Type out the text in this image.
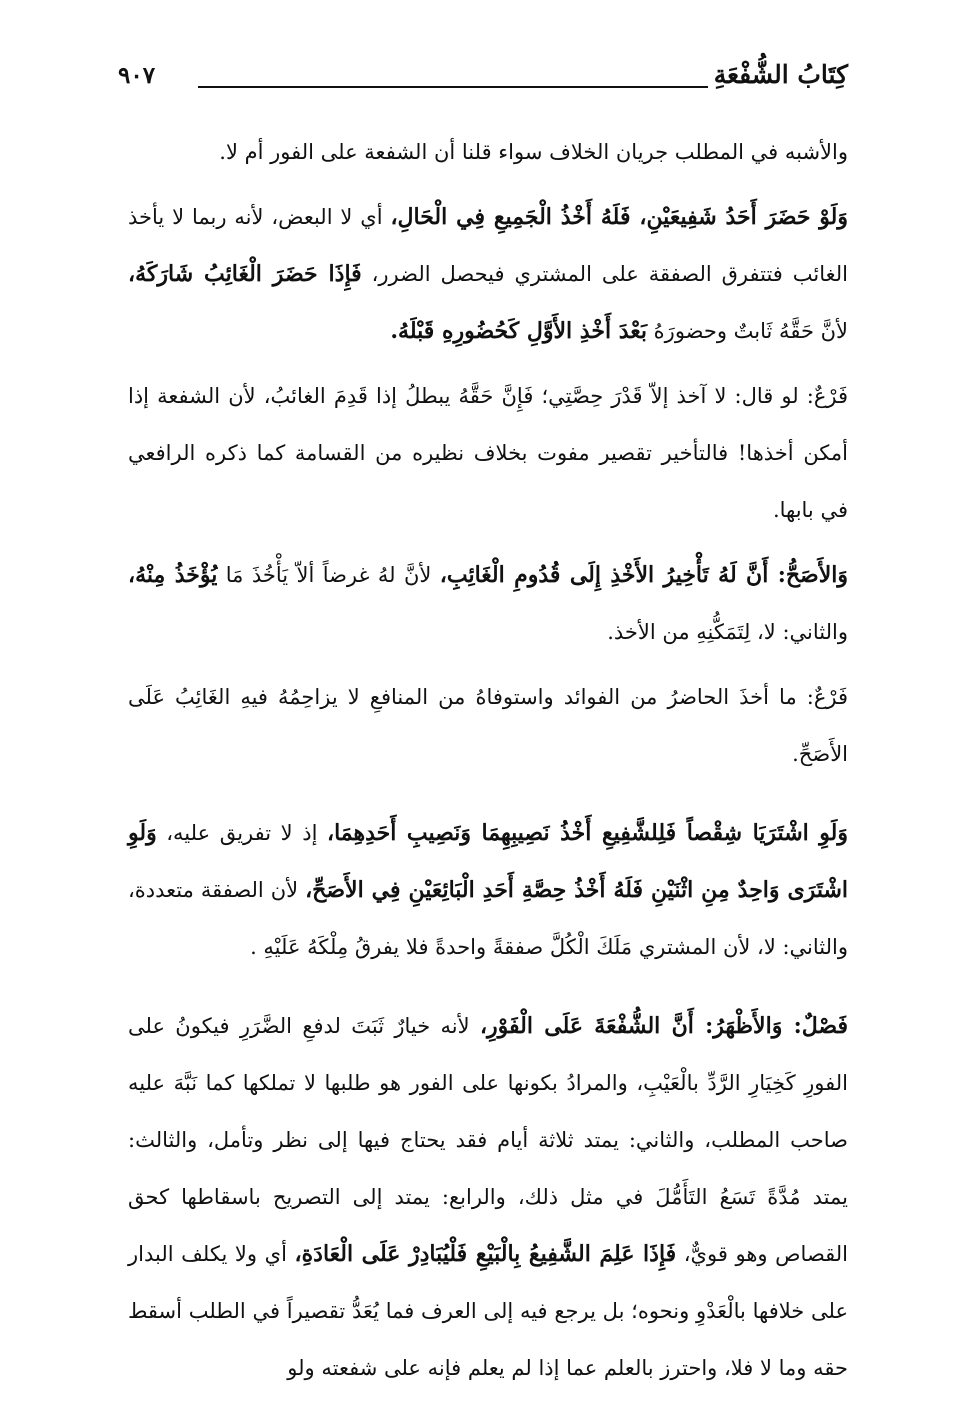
كِتَابُ الشُّفْعَةِ
٩٠٧

والأشبه في المطلب جريان الخلاف سواء قلنا أن الشفعة على الفور أم لا.

وَلَوْ حَضَرَ أَحَدُ شَفِيعَيْنِ، فَلَهُ أَخْذُ الْجَمِيعِ فِي الْحَالِ، أي لا البعض، لأنه ربما لا يأخذ الغائب فتتفرق الصفقة على المشتري فيحصل الضرر، فَإِذَا حَضَرَ الْغَائِبُ شَارَكَهُ، لأنَّ حَقَّهُ ثَابتٌ وحضورَهُ بَعْدَ أَخْذِ الأَوَّلِ كَحُضُورِهِ قَبْلَهُ.

فَرْعٌ: لو قال: لا آخذ إلاّ قَدْرَ حِصَّتِي؛ فَإِنَّ حَقَّهُ يبطلُ إذا قَدِمَ الغائبُ، لأن الشفعة إذا أمكن أخذها! فالتأخير تقصير مفوت بخلاف نظيره من القسامة كما ذكره الرافعي في بابها.

وَالأَصَحُّ: أَنَّ لَهُ تَأْخِيرُ الأَخْذِ إِلَى قُدُومِ الْغَائِبِ، لأنَّ لهُ غرضاً ألاّ يَأْخُذَ مَا يُؤْخَذُ مِنْهُ، والثاني: لا، لِتَمَكُّنِهِ من الأخذ.

فَرْعٌ: ما أخذَ الحاضرُ من الفوائد واستوفاهُ من المنافعِ لا يزاحِمُهُ فيهِ الغَائِبُ عَلَى الأَصَحِّ.

وَلَوِ اشْتَرَيَا شِقْصاً فَلِلشَّفِيعِ أَخْذُ نَصِيبِهِمَا وَنَصِيبِ أَحَدِهِمَا، إذ لا تفريق عليه، وَلَوِ اشْتَرَى وَاحِدٌ مِنِ اثْنَيْنِ فَلَهُ أَخْذُ حِصَّةِ أَحَدِ الْبَائِعَيْنِ فِي الأَصَحِّ، لأن الصفقة متعددة، والثاني: لا، لأن المشتري مَلَكَ الْكُلَّ صفقةً واحدةً فلا يفرقُ مِلْكَهُ عَلَيْهِ .

فَصْلٌ: وَالأَظْهَرُ: أَنَّ الشُّفْعَةَ عَلَى الْفَوْرِ، لأنه خيارٌ ثَبَتَ لدفعِ الضَّرَرِ فيكونُ على الفورِ كَخِيَارِ الرَّدِّ بالْعَيْبِ، والمرادُ بكونها على الفور هو طلبها لا تملكها كما نَبَّهَ عليه صاحب المطلب، والثاني: يمتد ثلاثة أيام فقد يحتاج فيها إلى نظر وتأمل، والثالث: يمتد مُدَّةً تَسَعُ التَأَمُّلَ في مثل ذلك، والرابع: يمتد إلى التصريح باسقاطها كحق القصاص وهو قويٌّ، فَإِذَا عَلِمَ الشَّفِيعُ بِالْبَيْعِ فَلْيُبَادِرْ عَلَى الْعَادَةِ، أي ولا يكلف البدار على خلافها بالْعَدْوِ ونحوه؛ بل يرجع فيه إلى العرف فما يُعَدُّ تقصيراً في الطلب أسقط حقه وما لا فلا، واحترز بالعلم عما إذا لم يعلم فإنه على شفعته ولو
